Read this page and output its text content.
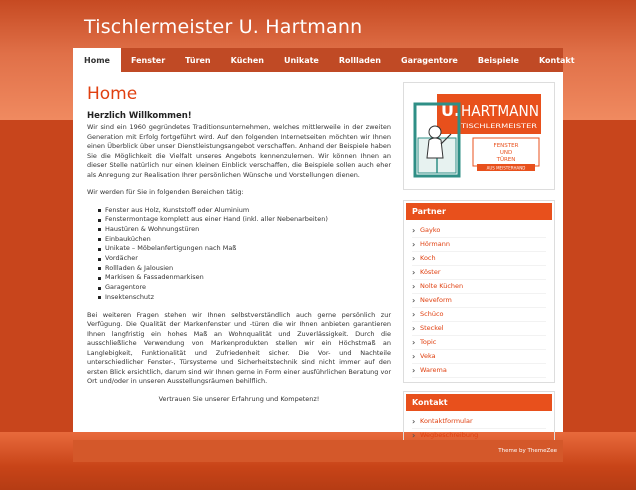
Tischlermeister U. Hartmann
Home	Fenster	Türen	Küchen	Unikate	Rollladen	Garagentore	Beispiele	Kontakt
Home
Herzlich Willkommen!

Wir sind ein 1960 gegründetes Traditionsunternehmen, welches mittlerweile in der zweiten Generation mit Erfolg fortgeführt wird. Auf den folgenden Internetseiten möchten wir Ihnen einen Überblick über unser Dienstleistungsangebot verschaffen. Anhand der Beispiele haben Sie die Möglichkeit die Vielfalt unseres Angebots kennenzulernen. Wir können Ihnen an dieser Stelle natürlich nur einen kleinen Einblick verschaffen, die Beispiele sollen auch eher als Anregung zur Realisation Ihrer persönlichen Wünsche und Vorstellungen dienen.

Wir werden für Sie in folgenden Bereichen tätig:

Fenster aus Holz, Kunststoff oder Aluminium
Fenstermontage komplett aus einer Hand (inkl. aller Nebenarbeiten)
Haustüren & Wohnungstüren
Einbauküchen
Unikate – Möbelanfertigungen nach Maß
Vordächer
Rollladen & Jalousien
Markisen & Fassadenmarkisen
Garagentore
Insektenschutz

Bei weiteren Fragen stehen wir Ihnen selbstverständlich auch gerne persönlich zur Verfügung. Die Qualität der Markenfenster und -türen die wir Ihnen anbieten garantieren Ihnen langfristig ein hohes Maß an Wohnqualität und Zuverlässigkeit. Durch die ausschließliche Verwendung von Markenprodukten stellen wir ein Höchstmaß an Langlebigkeit, Funktionalität und Zufriedenheit sicher. Die Vor- und Nachteile unterschiedlicher Fenster-, Türsysteme und Sicherheitstechnik sind nicht immer auf den ersten Blick ersichtlich, darum sind wir Ihnen gerne in Form einer ausführlichen Beratung vor Ort und/oder in unseren Ausstellungsräumen behilflich.

Vertrauen Sie unserer Erfahrung und Kompetenz!

U. HARTMANN
TISCHLERMEISTER
FENSTER
UND
TÜREN
AUS MEISTERHAND
Partner
› Gayko
› Hörmann
› Koch
› Köster
› Nolte Küchen
› Neveform
› Schüco
› Steckel
› Topic
› Veka
› Warema
Kontakt
› Kontaktformular
› Wegbeschreibung
Theme by ThemeZee
